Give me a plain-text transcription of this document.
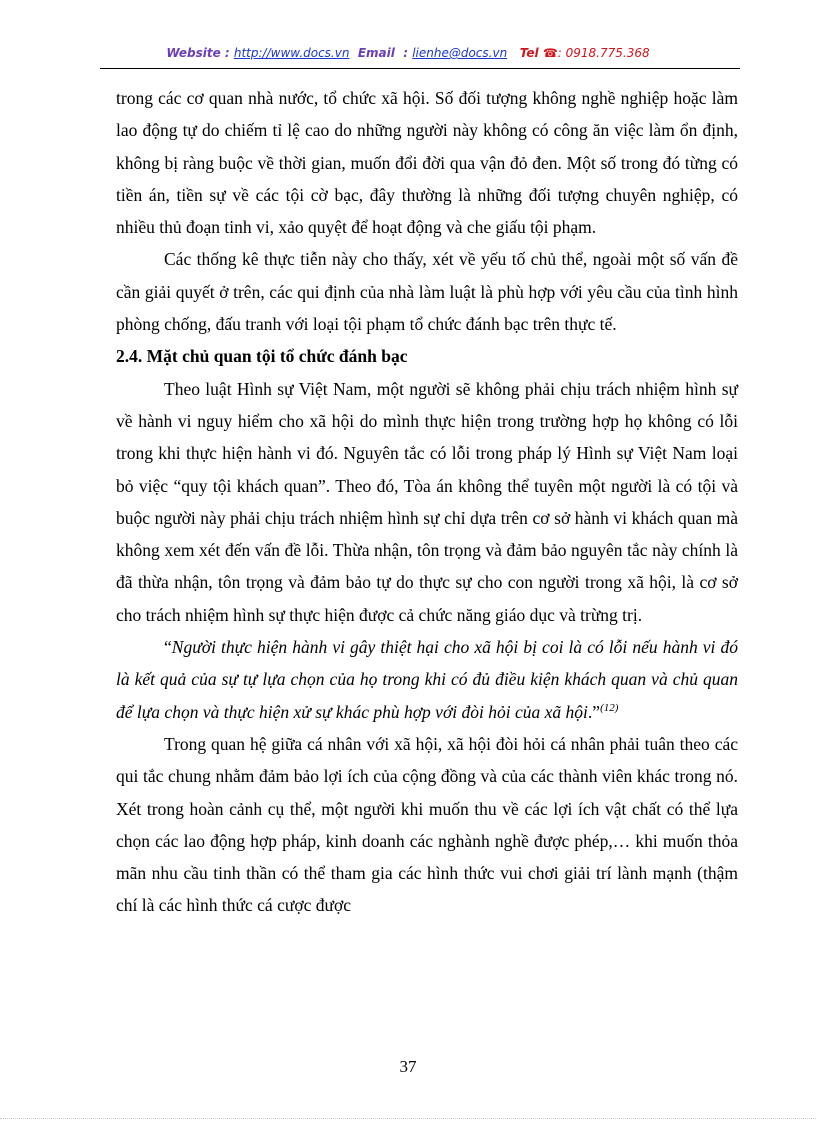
Website : http://www.docs.vn Email  : lienhe@docs.vn Tel ☎: 0918.775.368

trong các cơ quan nhà nước, tổ chức xã hội. Số đối tượng không nghề nghiệp hoặc làm lao động tự do chiếm tỉ lệ cao do những người này không có công ăn việc làm ổn định, không bị ràng buộc về thời gian, muốn đổi đời qua vận đỏ đen. Một số trong đó từng có tiền án, tiền sự về các tội cờ bạc, đây thường là những đối tượng chuyên nghiệp, có nhiều thủ đoạn tinh vi, xảo quyệt để hoạt động và che giấu tội phạm.

Các thống kê thực tiễn này cho thấy, xét về yếu tố chủ thể, ngoài một số vấn đề cần giải quyết ở trên, các qui định của nhà làm luật là phù hợp với yêu cầu của tình hình phòng chống, đấu tranh với loại tội phạm tổ chức đánh bạc trên thực tế.

2.4. Mặt chủ quan tội tổ chức đánh bạc

Theo luật Hình sự Việt Nam, một người sẽ không phải chịu trách nhiệm hình sự về hành vi nguy hiểm cho xã hội do mình thực hiện trong trường hợp họ không có lỗi trong khi thực hiện hành vi đó. Nguyên tắc có lỗi trong pháp lý Hình sự Việt Nam loại bỏ việc “quy tội khách quan”. Theo đó, Tòa án không thể tuyên một người là có tội và buộc người này phải chịu trách nhiệm hình sự chỉ dựa trên cơ sở hành vi khách quan mà không xem xét đến vấn đề lỗi. Thừa nhận, tôn trọng và đảm bảo nguyên tắc này chính là đã thừa nhận, tôn trọng và đảm bảo tự do thực sự cho con người trong xã hội, là cơ sở cho trách nhiệm hình sự thực hiện được cả chức năng giáo dục và trừng trị.

“Người thực hiện hành vi gây thiệt hại cho xã hội bị coi là có lỗi nếu hành vi đó là kết quả của sự tự lựa chọn của họ trong khi có đủ điều kiện khách quan và chủ quan để lựa chọn và thực hiện xử sự khác phù hợp với đòi hỏi của xã hội.”$^{(12)}$

Trong quan hệ giữa cá nhân với xã hội, xã hội đòi hỏi cá nhân phải tuân theo các qui tắc chung nhằm đảm bảo lợi ích của cộng đồng và của các thành viên khác trong nó. Xét trong hoàn cảnh cụ thể, một người khi muốn thu về các lợi ích vật chất có thể lựa chọn các lao động hợp pháp, kinh doanh các nghành nghề được phép,… khi muốn thỏa mãn nhu cầu tinh thần có thể tham gia các hình thức vui chơi giải trí lành mạnh (thậm chí là các hình thức cá cược được

37
